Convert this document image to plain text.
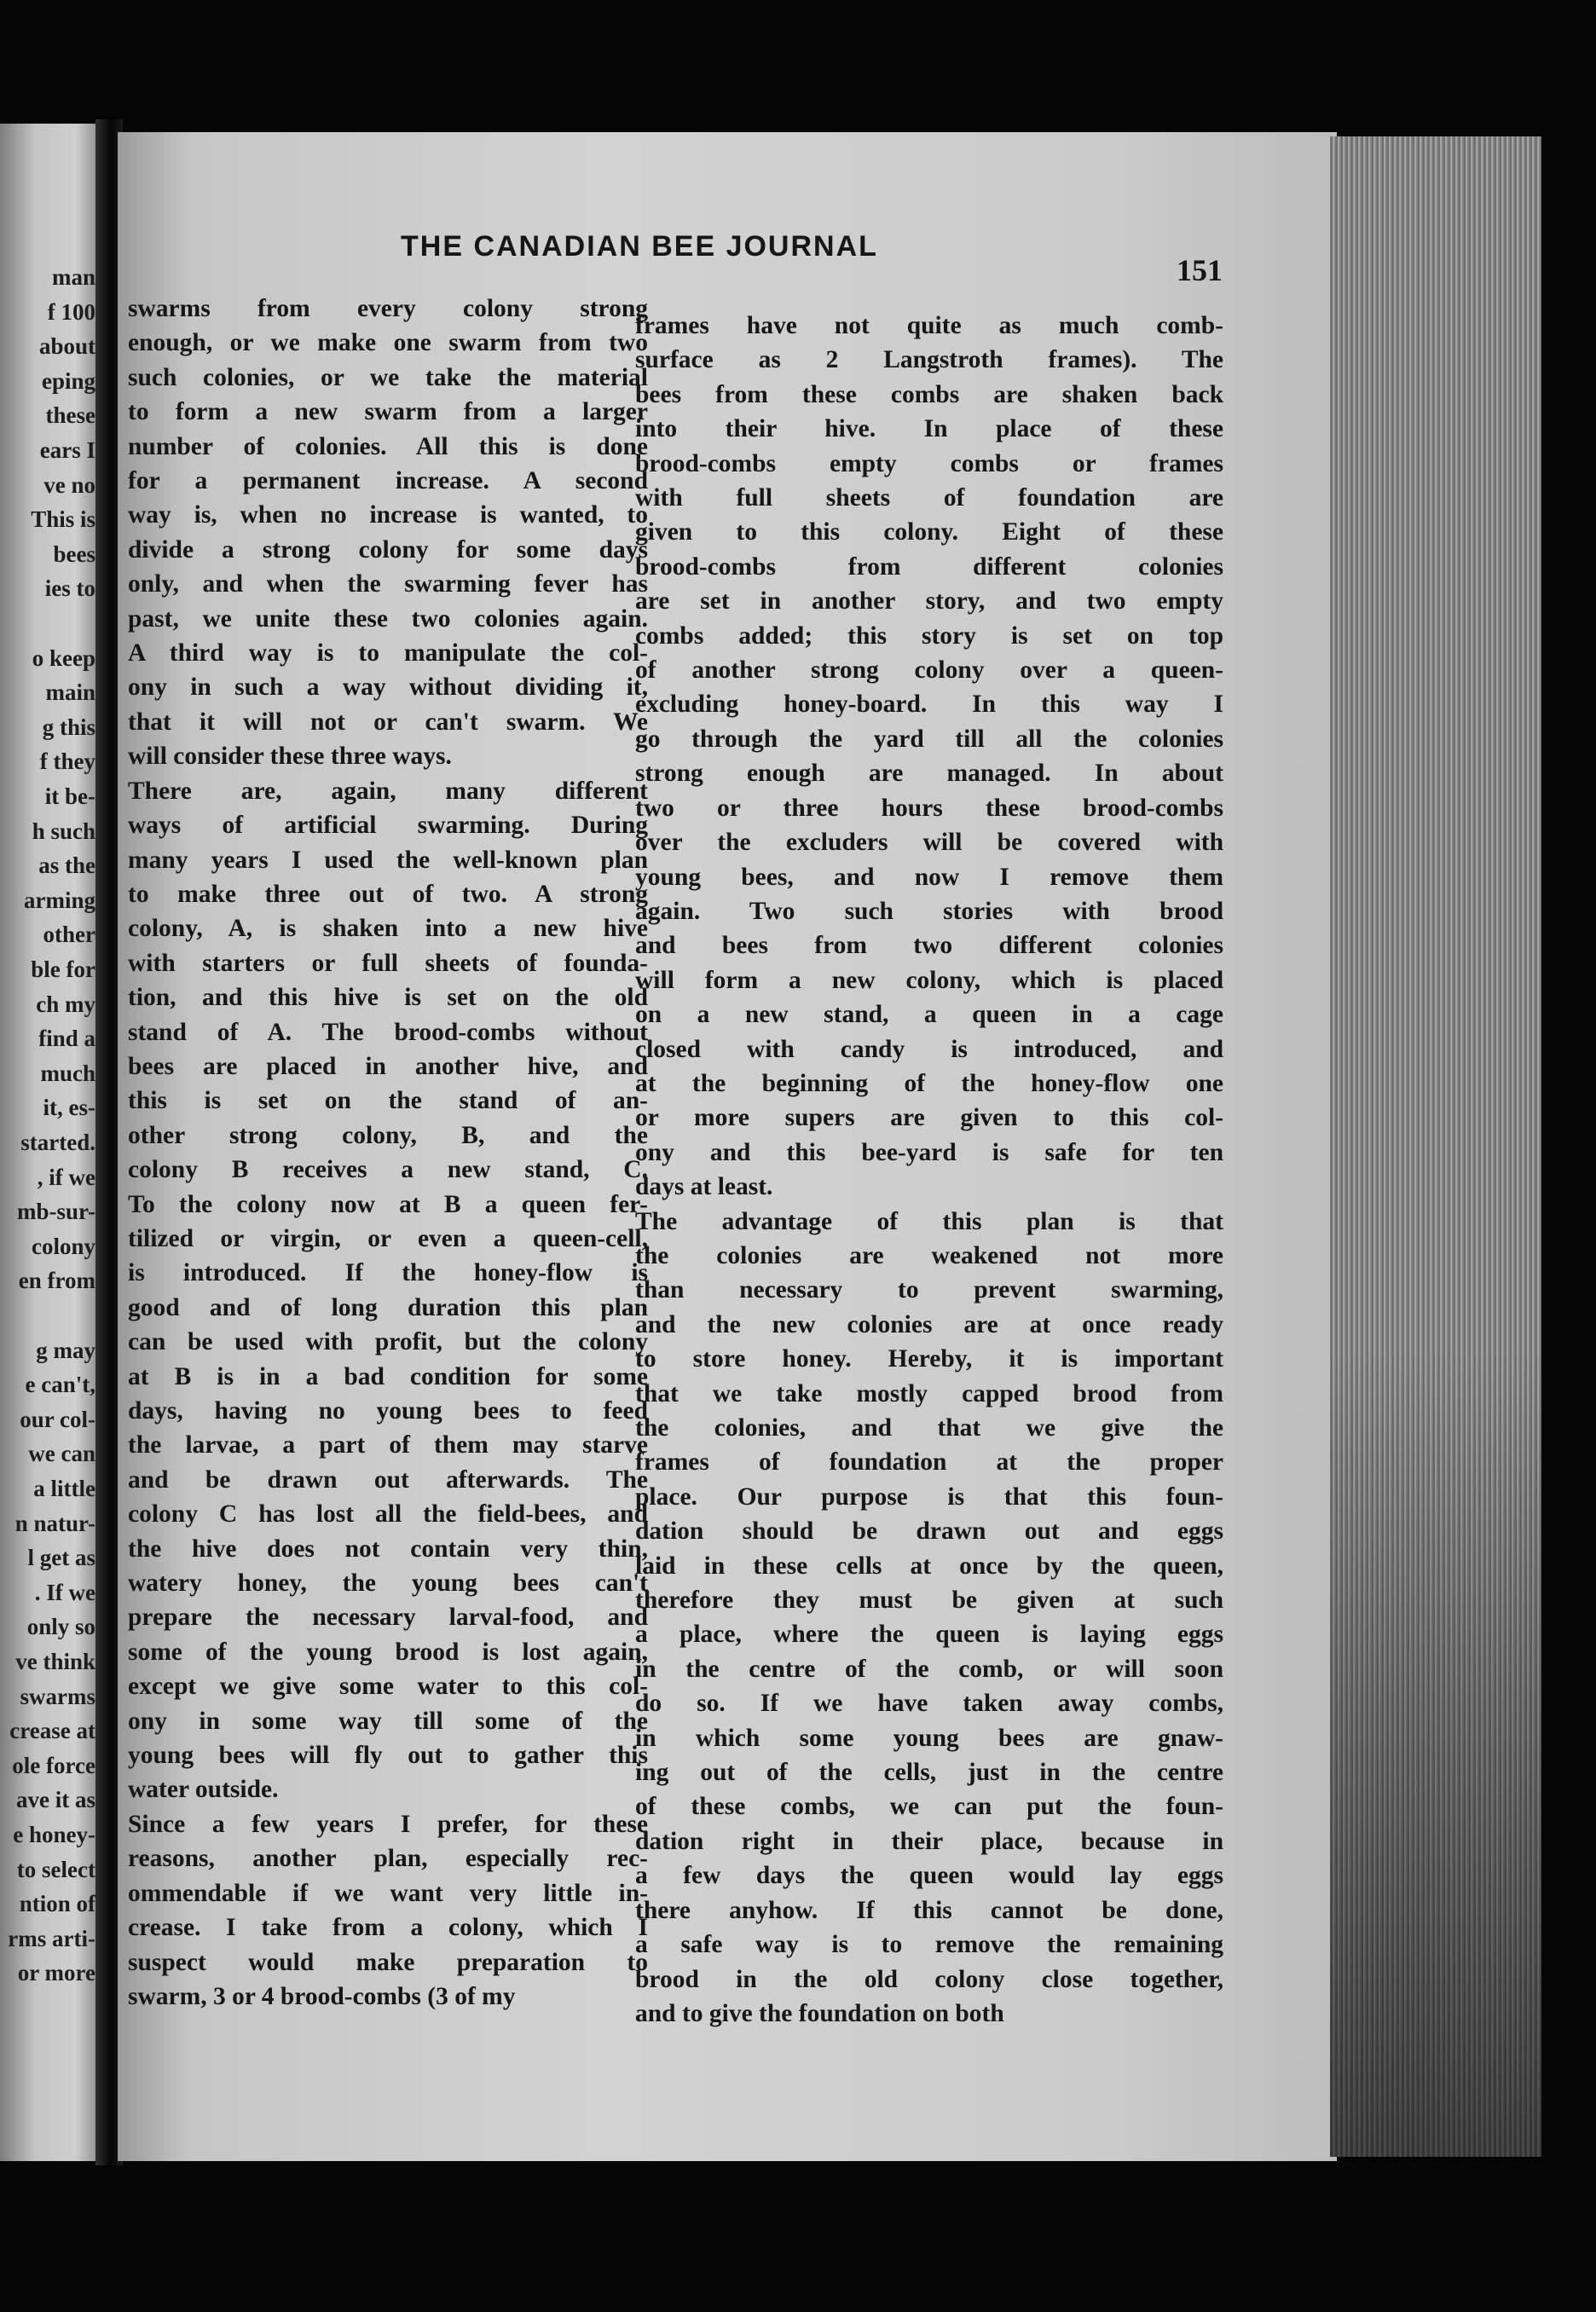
man
f 100
about
eping
these
ears I
ve no
This is
bees
ies to
o keep
main
g this
f they
it be-
h such
as the
arming
other
ble for
ch my
find a
much
it, es-
started.
, if we
mb-sur-
colony
en from
g may
e can't,
our col-
we can
a little
n natur-
l get as
. If we
only so
ve think
swarms
crease at
ole force
ave it as
e honey-
to select
ntion of
rms arti-
or more
THE CANADIAN BEE JOURNAL
151
swarms from every colony strong
enough, or we make one swarm from two
such colonies, or we take the material
to form a new swarm from a larger
number of colonies. All this is done
for a permanent increase. A second
way is, when no increase is wanted, to
divide a strong colony for some days
only, and when the swarming fever has
past, we unite these two colonies again.
A third way is to manipulate the col-
ony in such a way without dividing it,
that it will not or can't swarm. We
will consider these three ways.
There are, again, many different
ways of artificial swarming. During
many years I used the well-known plan
to make three out of two. A strong
colony, A, is shaken into a new hive
with starters or full sheets of founda-
tion, and this hive is set on the old
stand of A. The brood-combs without
bees are placed in another hive, and
this is set on the stand of an-
other strong colony, B, and the
colony B receives a new stand, C.
To the colony now at B a queen fer-
tilized or virgin, or even a queen-cell,
is introduced. If the honey-flow is
good and of long duration this plan
can be used with profit, but the colony
at B is in a bad condition for some
days, having no young bees to feed
the larvae, a part of them may starve
and be drawn out afterwards. The
colony C has lost all the field-bees, and
the hive does not contain very thin,
watery honey, the young bees can't
prepare the necessary larval-food, and
some of the young brood is lost again,
except we give some water to this col-
ony in some way till some of the
young bees will fly out to gather this
water outside.
Since a few years I prefer, for these
reasons, another plan, especially rec-
ommendable if we want very little in-
crease. I take from a colony, which I
suspect would make preparation to
swarm, 3 or 4 brood-combs (3 of my
frames have not quite as much comb-
surface as 2 Langstroth frames). The
bees from these combs are shaken back
into their hive. In place of these
brood-combs empty combs or frames
with full sheets of foundation are
given to this colony. Eight of these
brood-combs from different colonies
are set in another story, and two empty
combs added; this story is set on top
of another strong colony over a queen-
excluding honey-board. In this way I
go through the yard till all the colonies
strong enough are managed. In about
two or three hours these brood-combs
over the excluders will be covered with
young bees, and now I remove them
again. Two such stories with brood
and bees from two different colonies
will form a new colony, which is placed
on a new stand, a queen in a cage
closed with candy is introduced, and
at the beginning of the honey-flow one
or more supers are given to this col-
ony and this bee-yard is safe for ten
days at least.
The advantage of this plan is that
the colonies are weakened not more
than necessary to prevent swarming,
and the new colonies are at once ready
to store honey. Hereby, it is important
that we take mostly capped brood from
the colonies, and that we give the
frames of foundation at the proper
place. Our purpose is that this foun-
dation should be drawn out and eggs
laid in these cells at once by the queen,
therefore they must be given at such
a place, where the queen is laying eggs
in the centre of the comb, or will soon
do so. If we have taken away combs,
in which some young bees are gnaw-
ing out of the cells, just in the centre
of these combs, we can put the foun-
dation right in their place, because in
a few days the queen would lay eggs
there anyhow. If this cannot be done,
a safe way is to remove the remaining
brood in the old colony close together,
and to give the foundation on both
